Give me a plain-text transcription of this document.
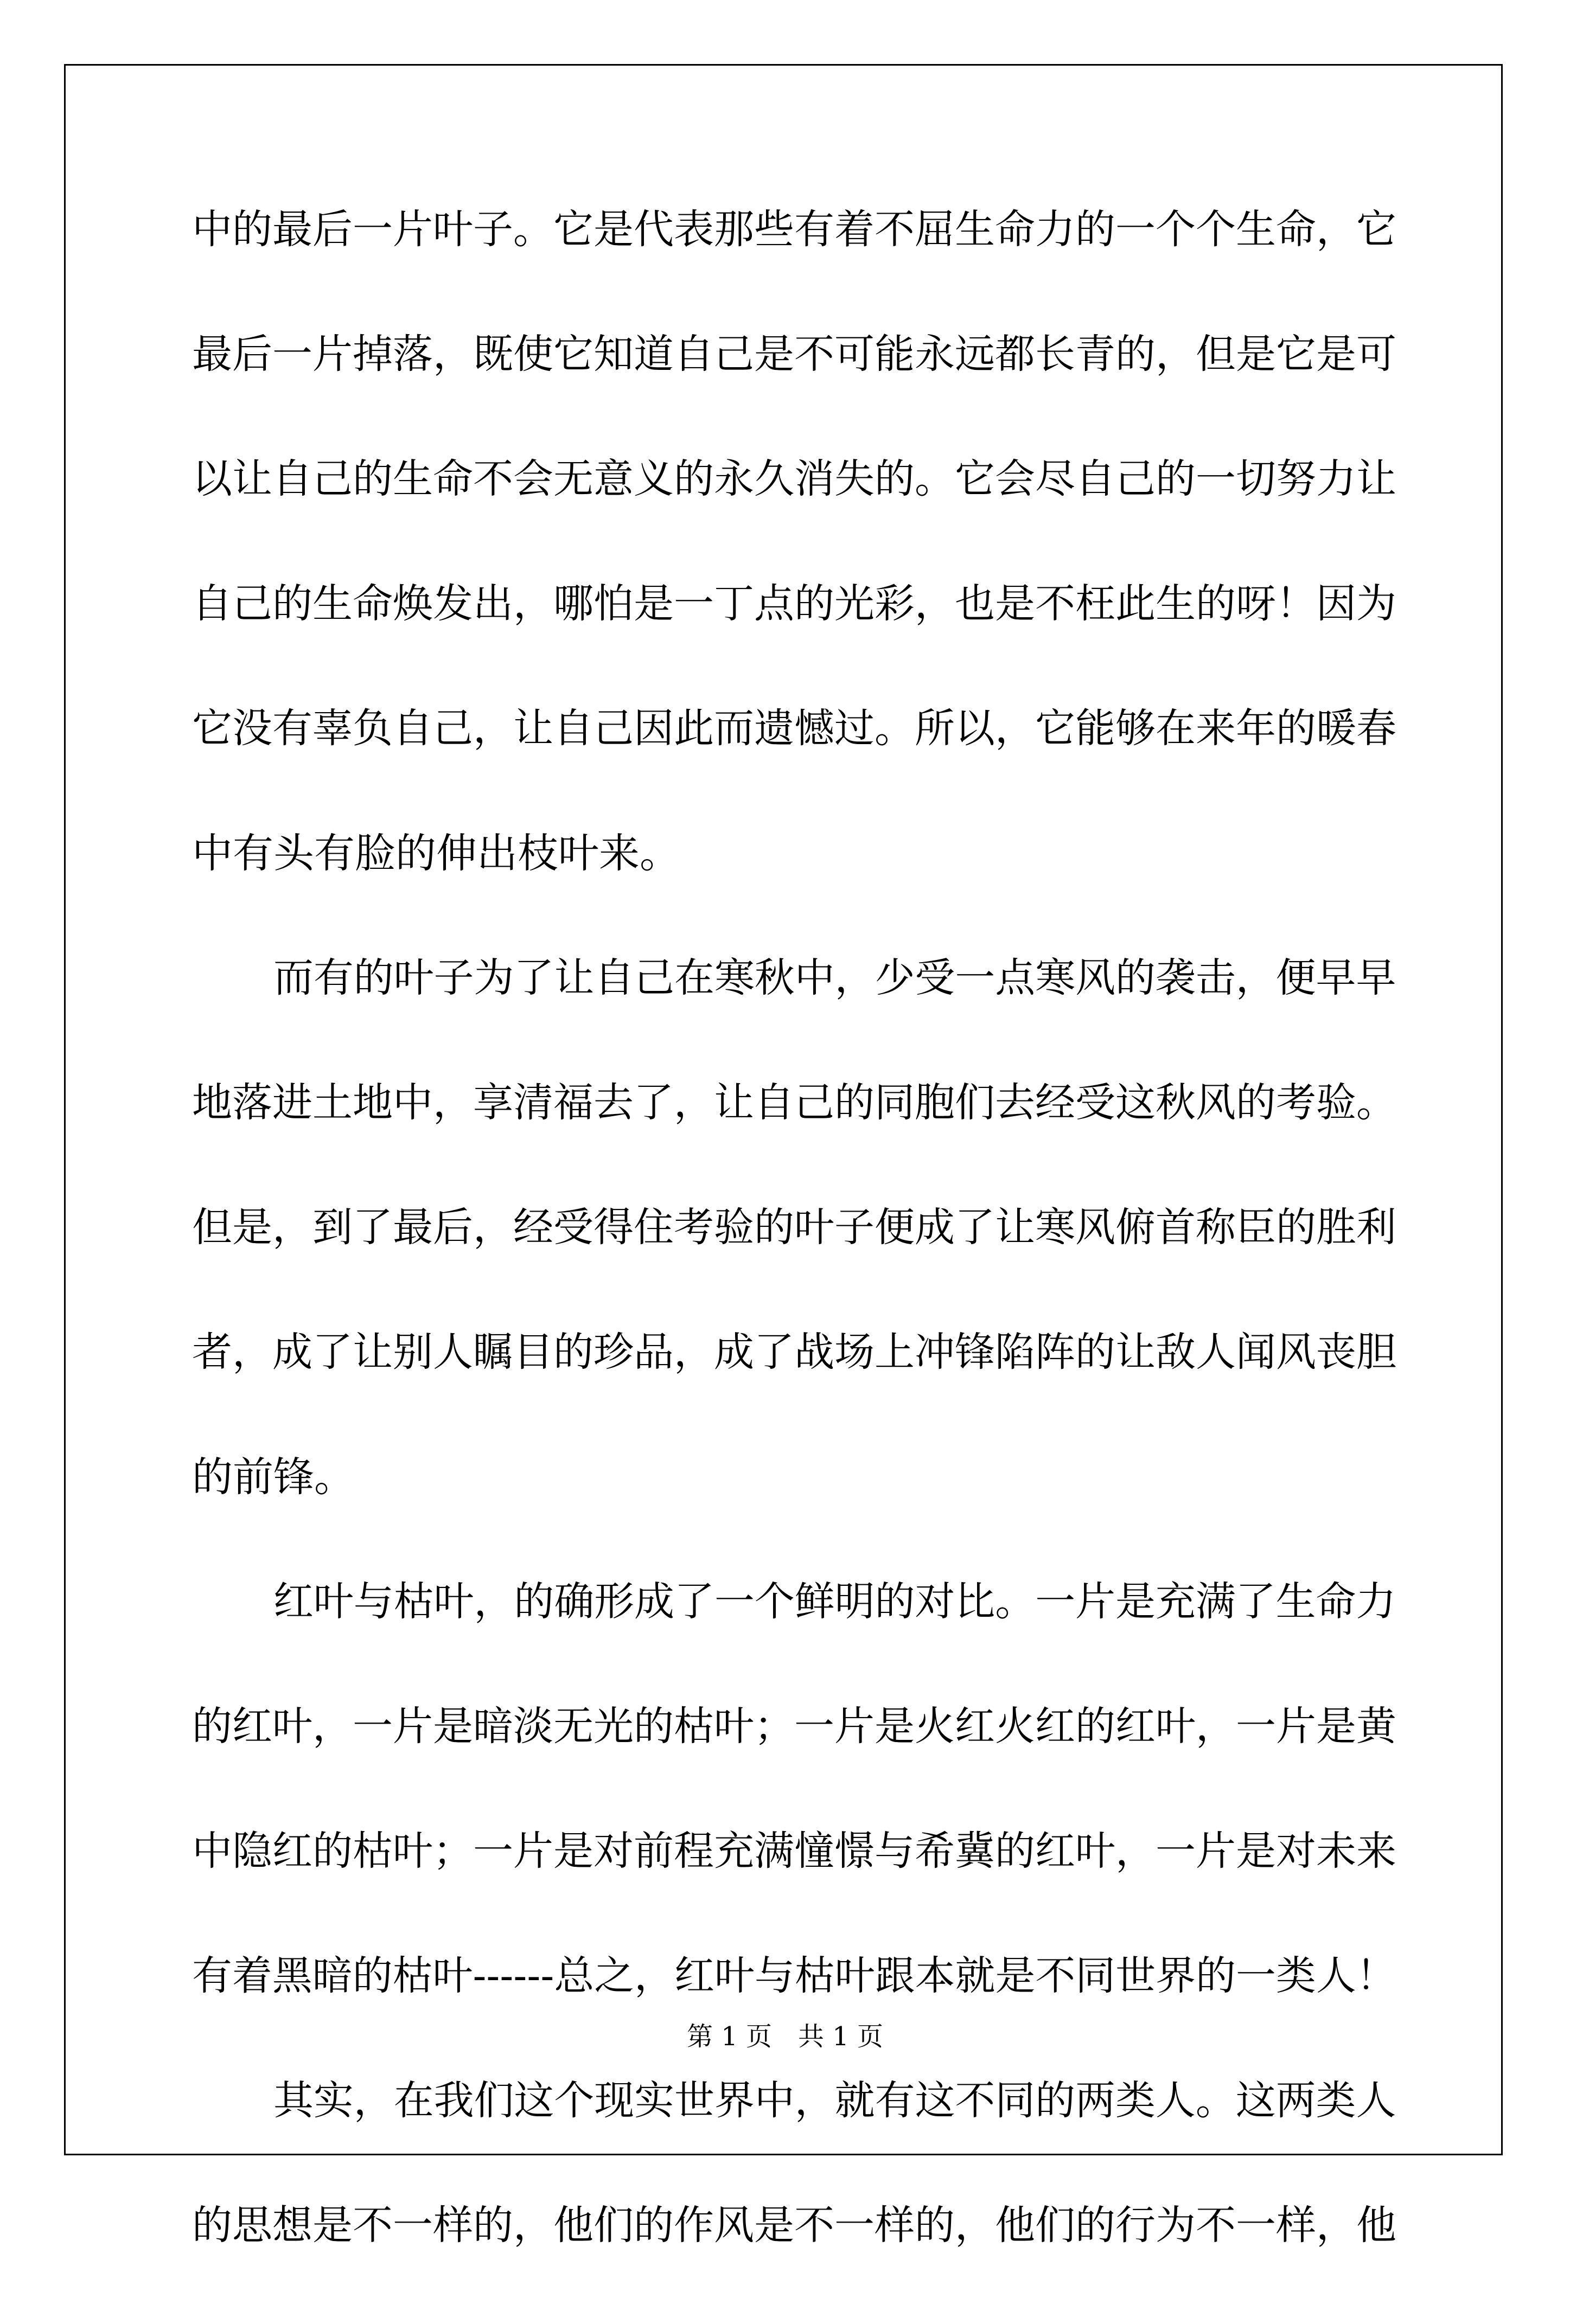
中的最后一片叶子。它是代表那些有着不屈生命力的一个个生命，它
最后一片掉落，既使它知道自己是不可能永远都长青的，但是它是可
以让自己的生命不会无意义的永久消失的。它会尽自己的一切努力让
自己的生命焕发出，哪怕是一丁点的光彩，也是不枉此生的呀！因为
它没有辜负自己，让自己因此而遗憾过。所以，它能够在来年的暖春
中有头有脸的伸出枝叶来。
而有的叶子为了让自己在寒秋中，少受一点寒风的袭击，便早早
地落进土地中，享清福去了，让自己的同胞们去经受这秋风的考验。
但是，到了最后，经受得住考验的叶子便成了让寒风俯首称臣的胜利
者，成了让别人瞩目的珍品，成了战场上冲锋陷阵的让敌人闻风丧胆
的前锋。
红叶与枯叶，的确形成了一个鲜明的对比。一片是充满了生命力
的红叶，一片是暗淡无光的枯叶；一片是火红火红的红叶，一片是黄
中隐红的枯叶；一片是对前程充满憧憬与希冀的红叶，一片是对未来
有着黑暗的枯叶------总之，红叶与枯叶跟本就是不同世界的一类人！
其实，在我们这个现实世界中，就有这不同的两类人。这两类人
的思想是不一样的，他们的作风是不一样的，他们的行为不一样，他
第 1 页　共 1 页
